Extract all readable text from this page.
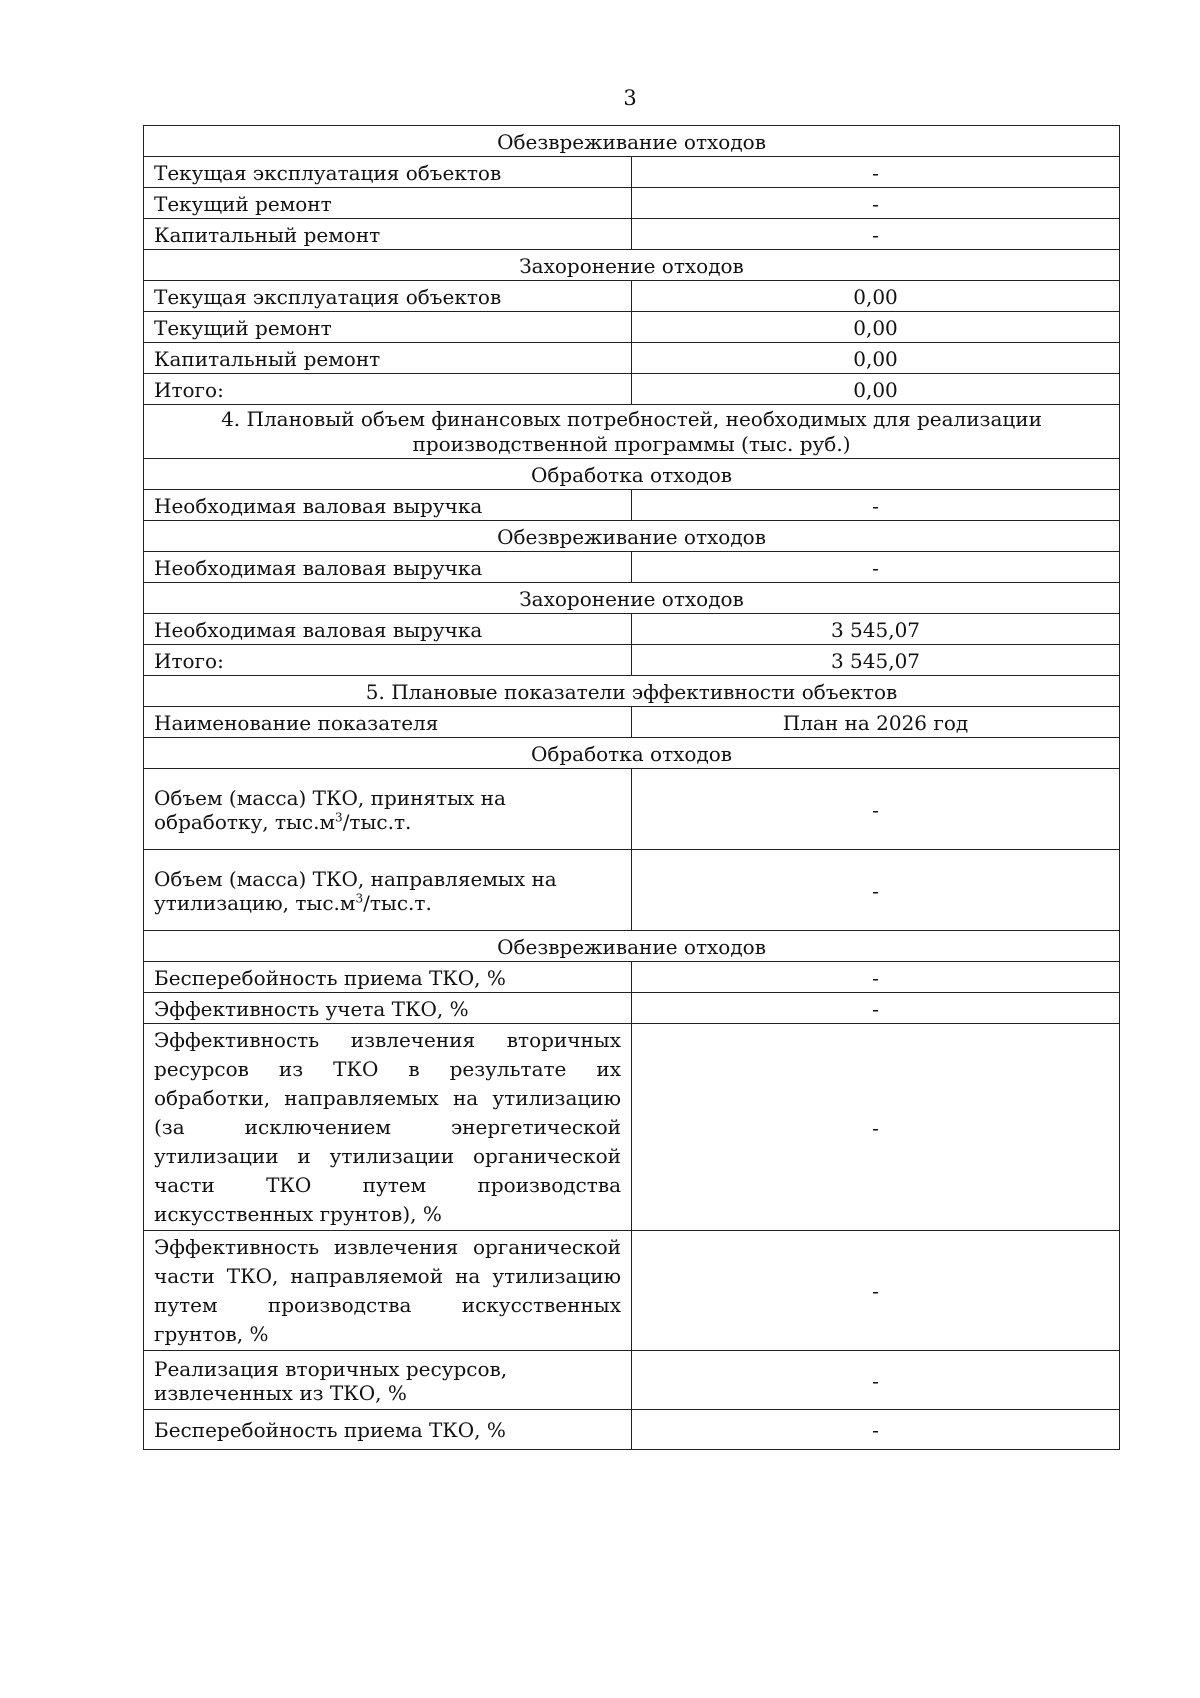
3
Обезвреживание отходов	
Текущая эксплуатация объектов	-
Текущий ремонт	-
Капитальный ремонт	-
Захоронение отходов	
Текущая эксплуатация объектов	0,00
Текущий ремонт	0,00
Капитальный ремонт	0,00
Итого:	0,00

4. Плановый объем финансовых потребностей, необходимых для реализации
производственной программы (тыс. руб.)	

Обработка отходов	
Необходимая валовая выручка	-
Обезвреживание отходов	
Необходимая валовая выручка	-
Захоронение отходов	
Необходимая валовая выручка	3 545,07
Итого:	3 545,07
5. Плановые показатели эффективности объектов	
Наименование показателя	План на 2026 год
Обработка отходов	

Объем (масса) ТКО, принятых на
обработку, $тыс.м^3/тыс.т$.	-

Объем (масса) ТКО, направляемых на
утилизацию, $тыс.м^3/тыс.т$.	-
Обезвреживание отходов	
Бесперебойность приема ТКО, %	-
Эффективность учета ТКО, %	-
Эффективность извлечения вторичных ресурсов из ТКО в результате их обработки, направляемых на утилизацию (за исключением энергетической утилизации и утилизации органической части ТКО путем производства искусственных грунтов), %	-
Эффективность извлечения органической части ТКО, направляемой на утилизацию путем производства искусственных грунтов, %	-

Реализация вторичных ресурсов,
извлеченных из ТКО, %	-
Бесперебойность приема ТКО, %	-
